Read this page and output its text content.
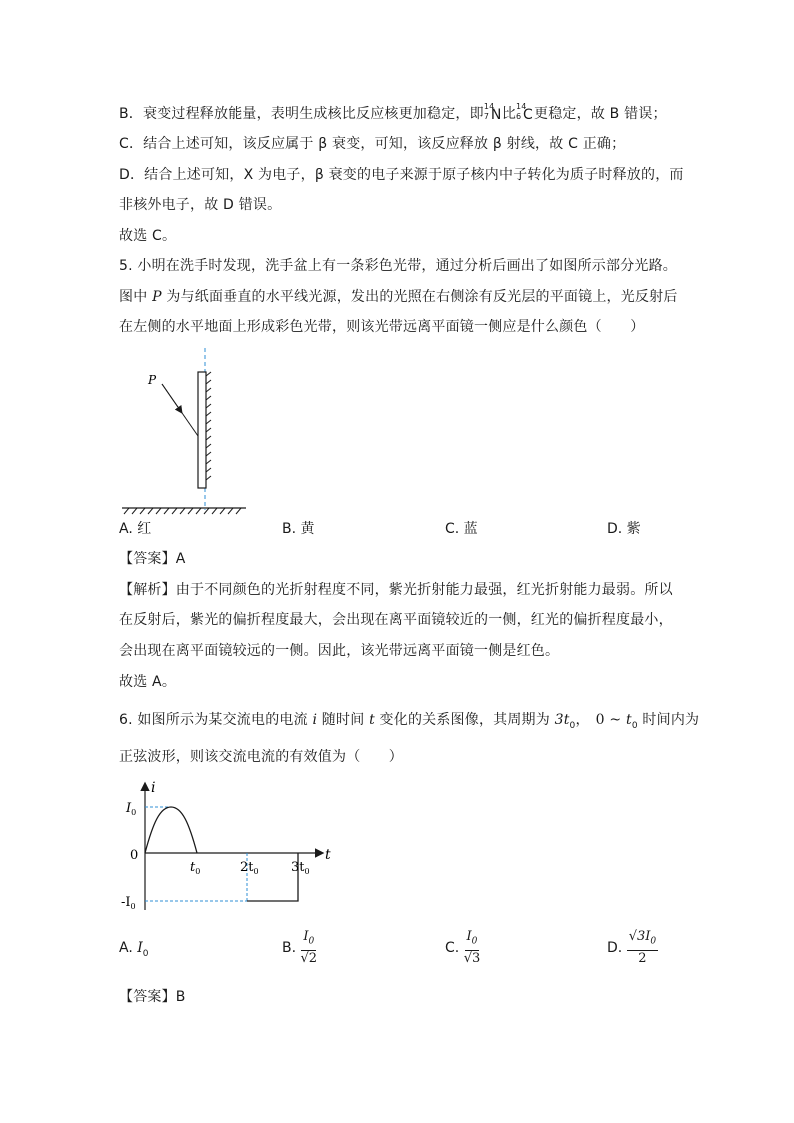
B．衰变过程释放能量，表明生成核比反应核更加稳定，即 14
7 N 比 14
6 C 更稳定，故 B 错误；
C．结合上述可知，该反应属于 β 衰变，可知，该反应释放 β 射线，故 C 正确；
D．结合上述可知，X 为电子，β 衰变的电子来源于原子核内中子转化为质子时释放的，而
非核外电子，故 D 错误。
故选 C。
5. 小明在洗手时发现，洗手盆上有一条彩色光带，通过分析后画出了如图所示部分光路。
图中 P 为与纸面垂直的水平线光源，发出的光照在右侧涂有反光层的平面镜上，光反射后
在左侧的水平地面上形成彩色光带，则该光带远离平面镜一侧应是什么颜色（　　）
P
A. 红	B. 黄	C. 蓝	D. 紫
【答案】A
【解析】由于不同颜色的光折射程度不同，紫光折射能力最强，红光折射能力最弱。所以
在反射后，紫光的偏折程度最大，会出现在离平面镜较近的一侧，红光的偏折程度最小，
会出现在离平面镜较远的一侧。因此，该光带远离平面镜一侧是红色。
故选 A。
6. 如图所示为某交流电的电流 i 随时间 t 变化的关系图像，其周期为 $3t_0$， 0 ~ $t_0$ 时间内为
正弦波形，则该交流电流的有效值为（　　）
i
t
0
$I_0$
$-I_0$
$t_0$	$2t_0$ $3t_0$
A. $I_0$	B. $\frac{I_0}{√2}$	C. $\frac{I_0}{√3}$	D. $\frac{√3I_0}{2}$
【答案】B
